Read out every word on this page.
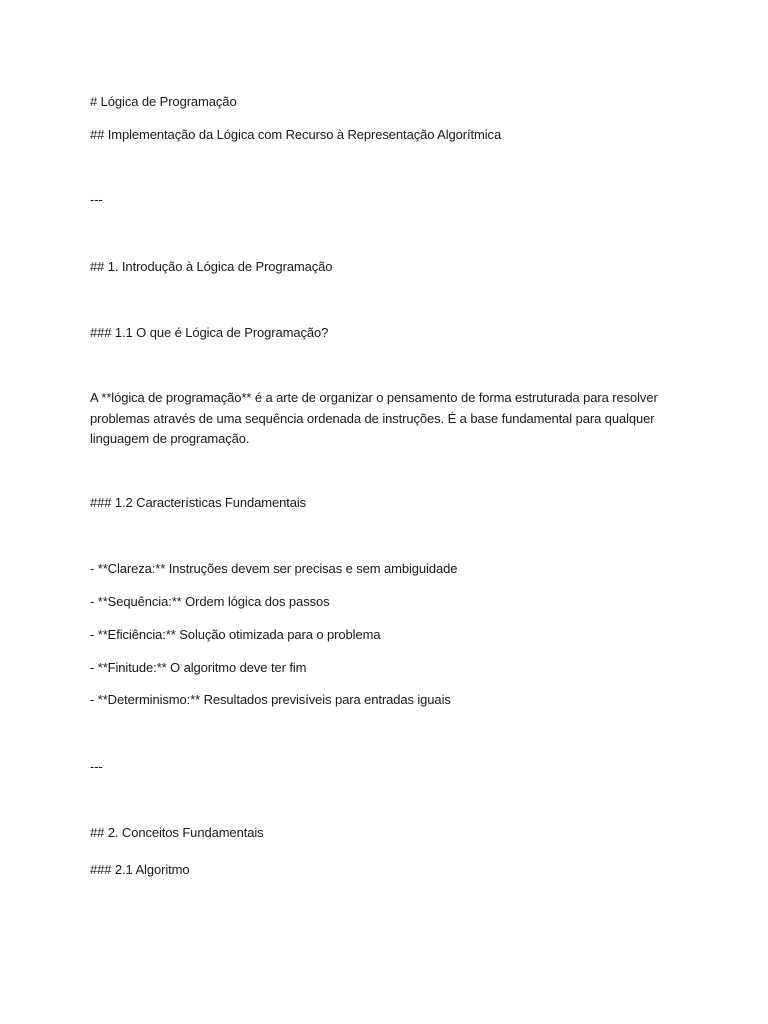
# Lógica de Programação
## Implementação da Lógica com Recurso à Representação Algorítmica
---
## 1. Introdução à Lógica de Programação
### 1.1 O que é Lógica de Programação?
A **lógica de programação** é a arte de organizar o pensamento de forma estruturada para resolver problemas através de uma sequência ordenada de instruções. É a base fundamental para qualquer linguagem de programação.
### 1.2 Características Fundamentais
- **Clareza:** Instruções devem ser precisas e sem ambiguidade
- **Sequência:** Ordem lógica dos passos
- **Eficiência:** Solução otimizada para o problema
- **Finitude:** O algoritmo deve ter fim
- **Determinismo:** Resultados previsíveis para entradas iguais
---
## 2. Conceitos Fundamentais
### 2.1 Algoritmo
